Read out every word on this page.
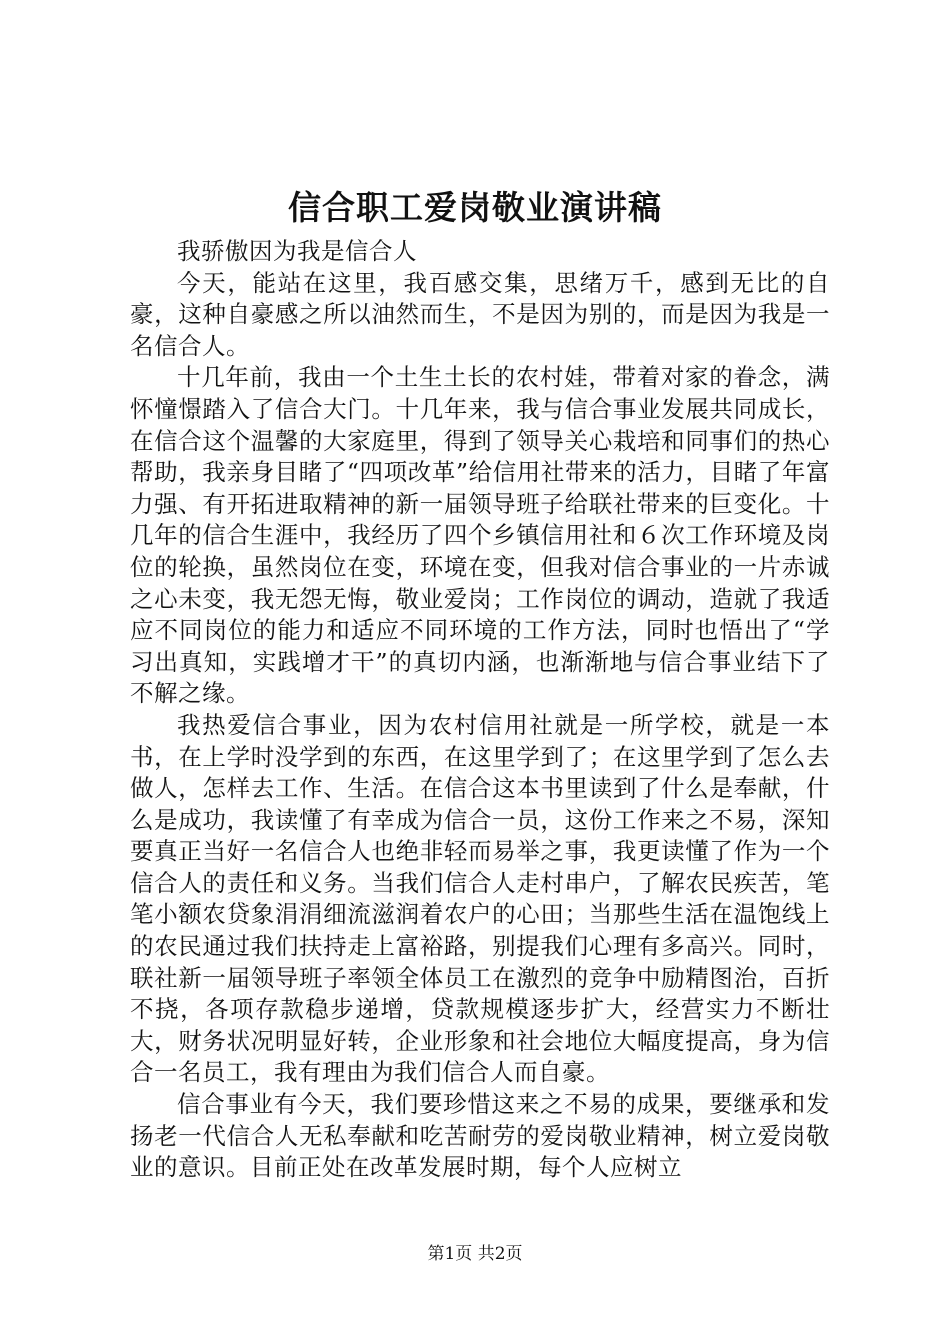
信合职工爱岗敬业演讲稿

我骄傲因为我是信合人

今天，能站在这里，我百感交集，思绪万千，感到无比的自豪，这种自豪感之所以油然而生，不是因为别的，而是因为我是一名信合人。

十几年前，我由一个土生土长的农村娃，带着对家的眷念，满怀憧憬踏入了信合大门。十几年来，我与信合事业发展共同成长，在信合这个温馨的大家庭里，得到了领导关心栽培和同事们的热心帮助，我亲身目睹了“四项改革”给信用社带来的活力，目睹了年富力强、有开拓进取精神的新一届领导班子给联社带来的巨变化。十几年的信合生涯中，我经历了四个乡镇信用社和６次工作环境及岗位的轮换，虽然岗位在变，环境在变，但我对信合事业的一片赤诚之心未变，我无怨无悔，敬业爱岗；工作岗位的调动，造就了我适应不同岗位的能力和适应不同环境的工作方法，同时也悟出了“学习出真知，实践增才干”的真切内涵，也渐渐地与信合事业结下了不解之缘。

我热爱信合事业，因为农村信用社就是一所学校，就是一本书，在上学时没学到的东西，在这里学到了；在这里学到了怎么去做人，怎样去工作、生活。在信合这本书里读到了什么是奉献，什么是成功，我读懂了有幸成为信合一员，这份工作来之不易，深知要真正当好一名信合人也绝非轻而易举之事，我更读懂了作为一个信合人的责任和义务。当我们信合人走村串户，了解农民疾苦，笔笔小额农贷象涓涓细流滋润着农户的心田；当那些生活在温饱线上的农民通过我们扶持走上富裕路，别提我们心理有多高兴。同时，联社新一届领导班子率领全体员工在激烈的竞争中励精图治，百折不挠，各项存款稳步递增，贷款规模逐步扩大，经营实力不断壮大，财务状况明显好转，企业形象和社会地位大幅度提高，身为信合一名员工，我有理由为我们信合人而自豪。

信合事业有今天，我们要珍惜这来之不易的成果，要继承和发扬老一代信合人无私奉献和吃苦耐劳的爱岗敬业精神，树立爱岗敬业的意识。目前正处在改革发展时期，每个人应树立

第1页 共2页
